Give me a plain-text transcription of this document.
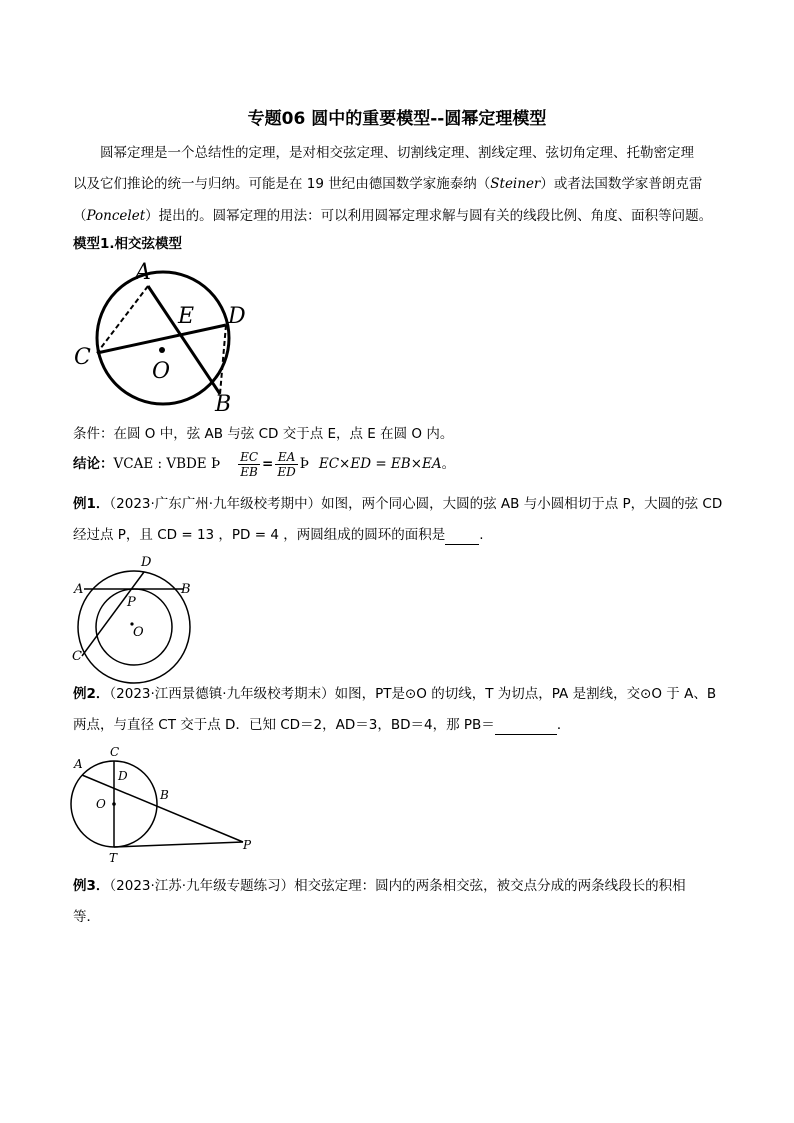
专题06 圆中的重要模型--圆幂定理模型
圆幂定理是一个总结性的定理，是对相交弦定理、切割线定理、割线定理、弦切角定理、托勒密定理
以及它们推论的统一与归纳。可能是在 19 世纪由德国数学家施泰纳（Steiner）或者法国数学家普朗克雷
（Poncelet）提出的。圆幂定理的用法：可以利用圆幂定理求解与圆有关的线段比例、角度、面积等问题。
模型1.相交弦模型
A
B
C
D
E
O
条件：在圆 O 中，弦 AB 与弦 CD 交于点 E，点 E 在圆 O 内。
结论： VCAE : VBDE Þ $\frac{EC}{EB} = \frac{EA}{ED}$ Þ EC×ED = EB×EA 。
例1．（2023·广东广州·九年级校考期中）如图，两个同心圆，大圆的弦 AB 与小圆相切于点 P，大圆的弦 CD
经过点 P，且 CD = 13 ，PD = 4 ，两圆组成的圆环的面积是	.
D
A	B
P
O
C
例2．（2023·江西景德镇·九年级校考期末）如图，PT是⊙O 的切线，T 为切点，PA 是割线，交⊙O 于 A、B
两点，与直径 CT 交于点 D．已知 CD＝2，AD＝3，BD＝4，那 PB＝	．
C
A
D
O
B
T
P
例3．（2023·江苏·九年级专题练习）相交弦定理：圆内的两条相交弦，被交点分成的两条线段长的积相
等．
